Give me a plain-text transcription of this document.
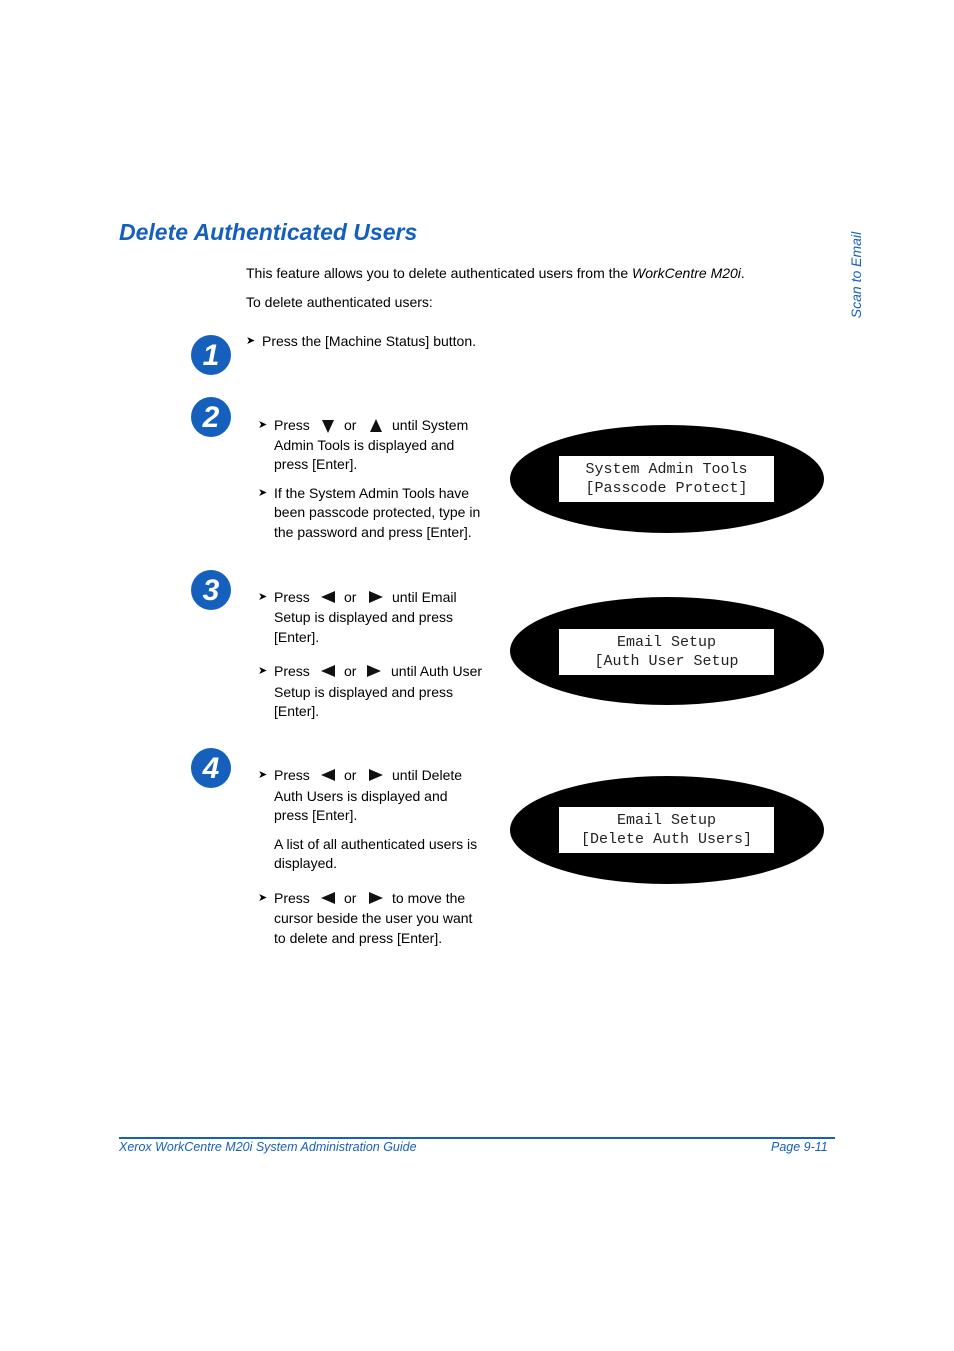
Delete Authenticated Users	Scan to Email
This feature allows you to delete authenticated users from the WorkCentre M20i.
To delete authenticated users:
1 ➤ Press the [Machine Status] button.
2	➤ Press or	until System
Admin Tools is displayed and
press [Enter].
➤ If the System Admin Tools have
been passcode protected, type in
the password and press [Enter].
System Admin Tools
[Passcode Protect]
3	➤ Press or	until Email
Setup is displayed and press
[Enter].
➤ Press or until Auth User
Setup is displayed and press
[Enter].
Email Setup
[Auth User Setup
4	➤ Press or	until Delete
Auth Users is displayed and
press [Enter].
A list of all authenticated users is
displayed.
➤ Press or	to move the
cursor beside the user you want
to delete and press [Enter].
Email Setup
[Delete Auth Users]
Xerox WorkCentre M20i System Administration Guide	Page 9-11
